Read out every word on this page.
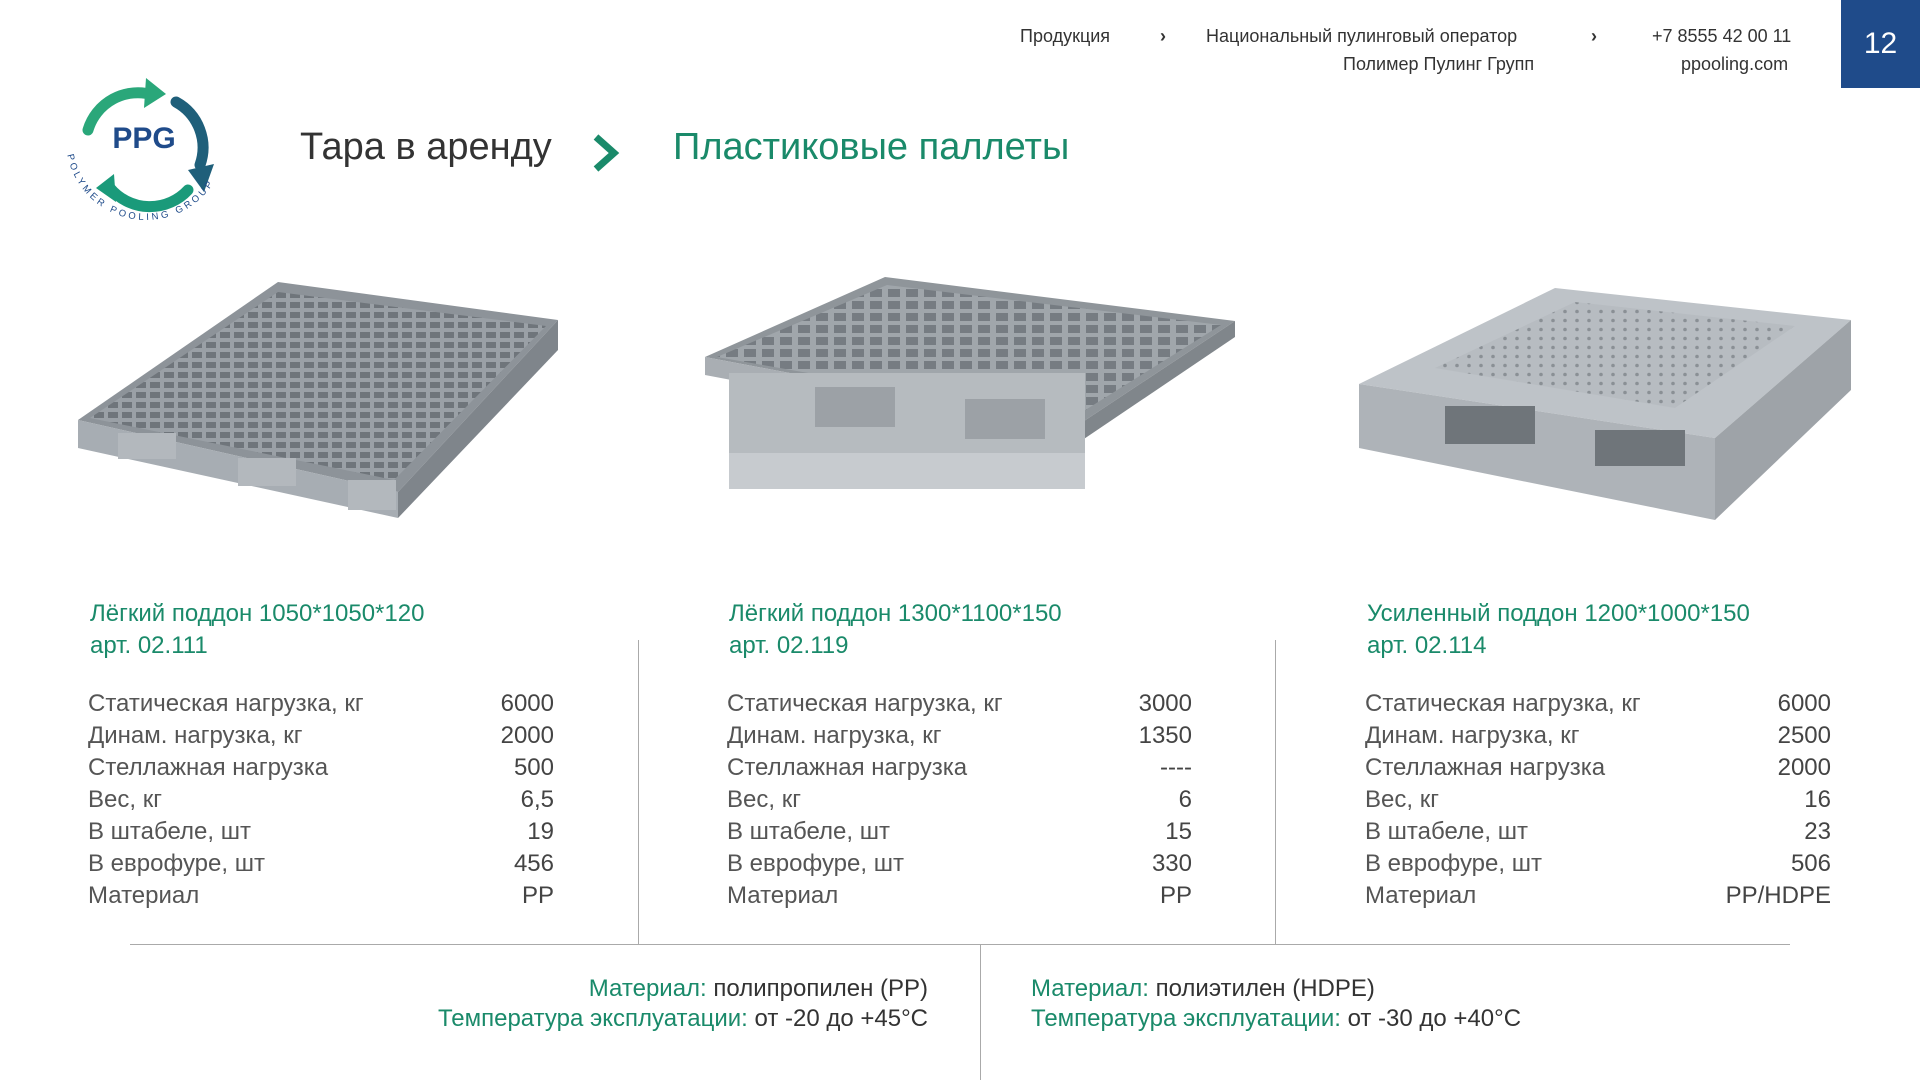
Продукция	› Национальный пулинговый оператор
Полимер Пулинг Групп
›	+7 8555 42 00 11
ppooling.com
12
PPG
POLYMER POOLING GROUP
Тара в аренду	Пластиковые паллеты
Лёгкий поддон 1050*1050*120
арт. 02.111
Статическая нагрузка, кг	6000
Динам. нагрузка, кг	2000
Стеллажная нагрузка	500
Вес, кг	6,5
В штабеле, шт	19
В еврофуре, шт	456
Материал	PP
Лёгкий поддон 1300*1100*150
арт. 02.119
Статическая нагрузка, кг	3000
Динам. нагрузка, кг	1350
Стеллажная нагрузка	----
Вес, кг	6
В штабеле, шт	15
В еврофуре, шт	330
Материал	PP
Усиленный поддон 1200*1000*150
арт. 02.114
Статическая нагрузка, кг	6000
Динам. нагрузка, кг	2500
Стеллажная нагрузка	2000
Вес, кг	16
В штабеле, шт	23
В еврофуре, шт	506
Материал	PP/HDPE
Материал: полипропилен (PP)
Температура эксплуатации: от -20 до +45°C
Материал: полиэтилен (HDPE)
Температура эксплуатации: от -30 до +40°C
